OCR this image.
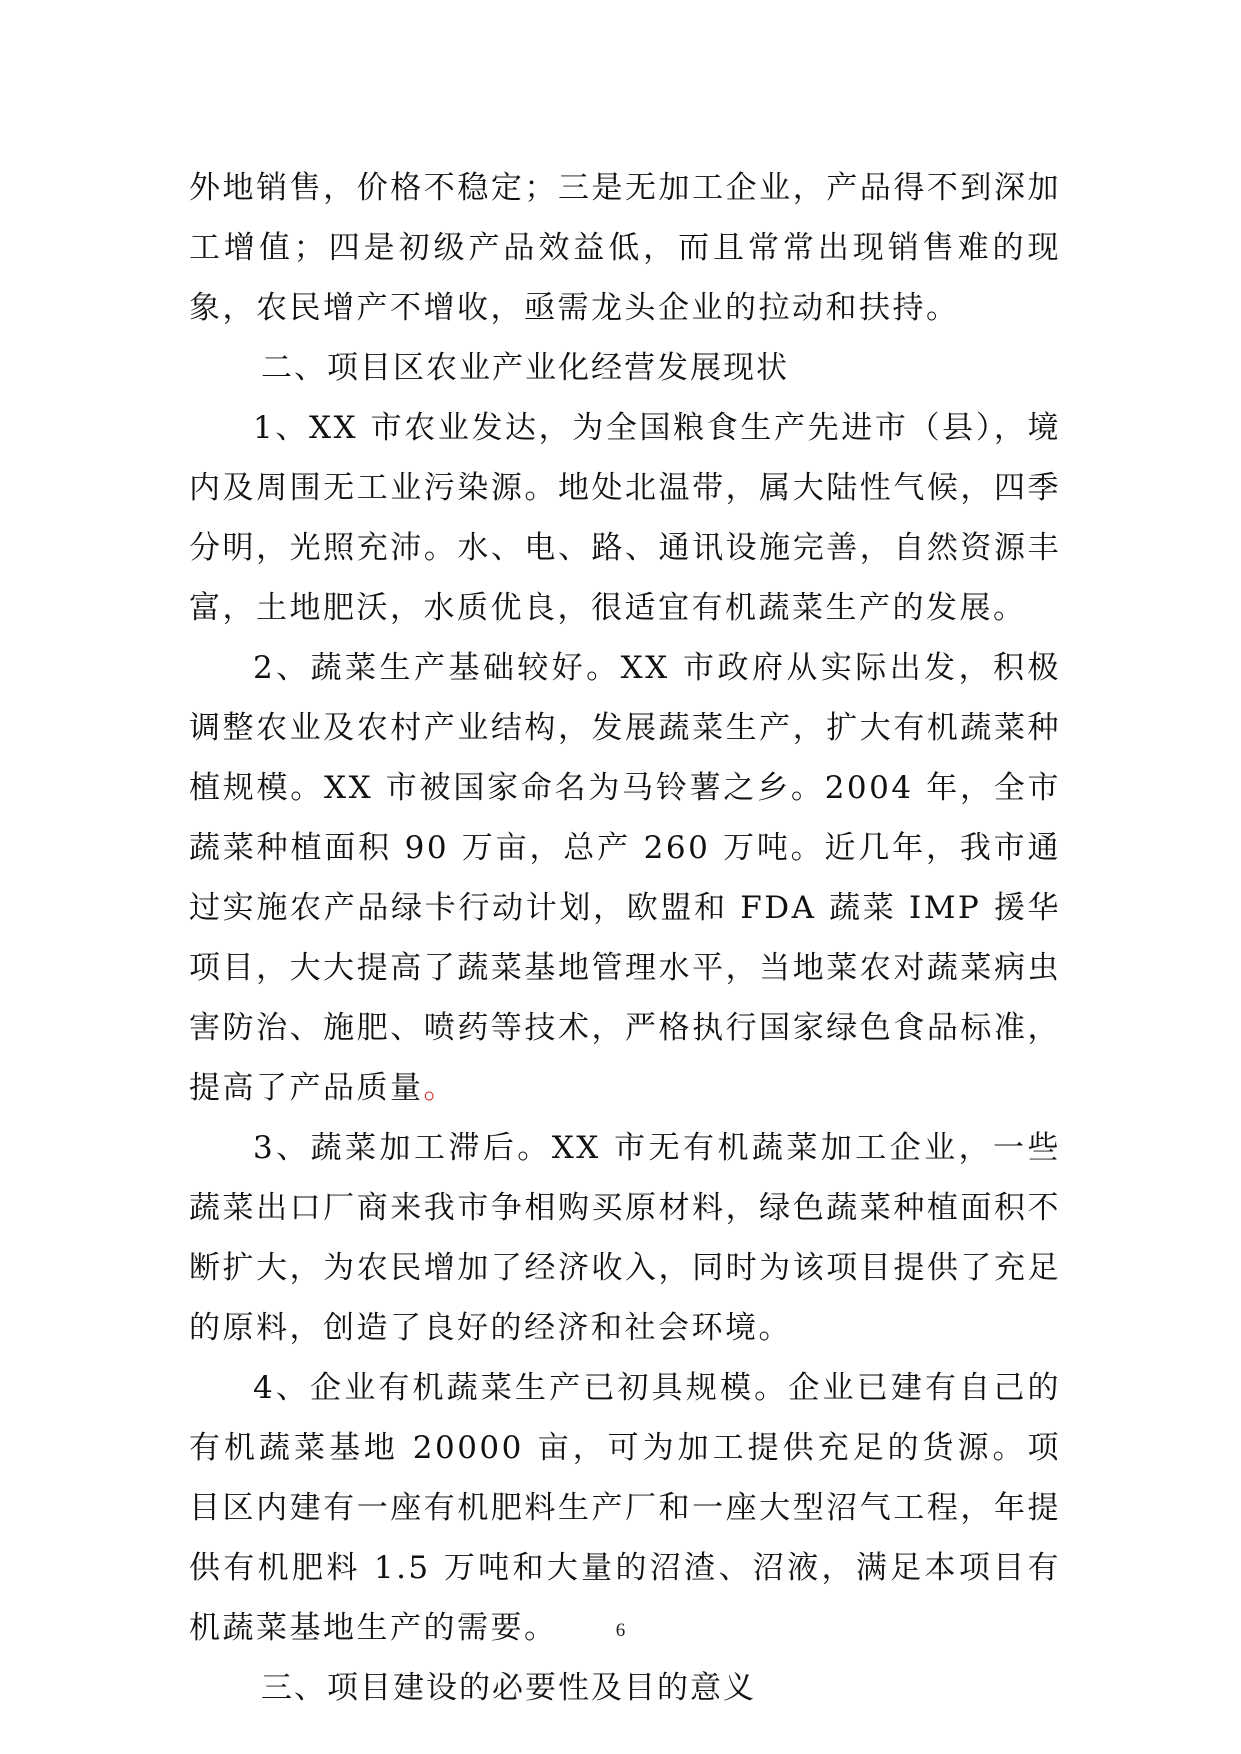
外地销售，价格不稳定；三是无加工企业，产品得不到深加工增值；四是初级产品效益低，而且常常出现销售难的现象，农民增产不增收，亟需龙头企业的拉动和扶持。

二、项目区农业产业化经营发展现状

1、XX 市农业发达，为全国粮食生产先进市（县），境内及周围无工业污染源。地处北温带，属大陆性气候，四季分明，光照充沛。水、电、路、通讯设施完善，自然资源丰富，土地肥沃，水质优良，很适宜有机蔬菜生产的发展。

2、蔬菜生产基础较好。XX 市政府从实际出发，积极调整农业及农村产业结构，发展蔬菜生产，扩大有机蔬菜种植规模。XX 市被国家命名为马铃薯之乡。2004 年，全市蔬菜种植面积 90 万亩，总产 260 万吨。近几年，我市通过实施农产品绿卡行动计划，欧盟和 FDA 蔬菜 IMP 援华项目，大大提高了蔬菜基地管理水平，当地菜农对蔬菜病虫害防治、施肥、喷药等技术，严格执行国家绿色食品标准，提高了产品质量。

3、蔬菜加工滞后。XX 市无有机蔬菜加工企业，一些蔬菜出口厂商来我市争相购买原材料，绿色蔬菜种植面积不断扩大，为农民增加了经济收入，同时为该项目提供了充足的原料，创造了良好的经济和社会环境。

4、企业有机蔬菜生产已初具规模。企业已建有自己的有机蔬菜基地 20000 亩，可为加工提供充足的货源。项目区内建有一座有机肥料生产厂和一座大型沼气工程，年提供有机肥料 1.5 万吨和大量的沼渣、沼液，满足本项目有机蔬菜基地生产的需要。

三、项目建设的必要性及目的意义
6
